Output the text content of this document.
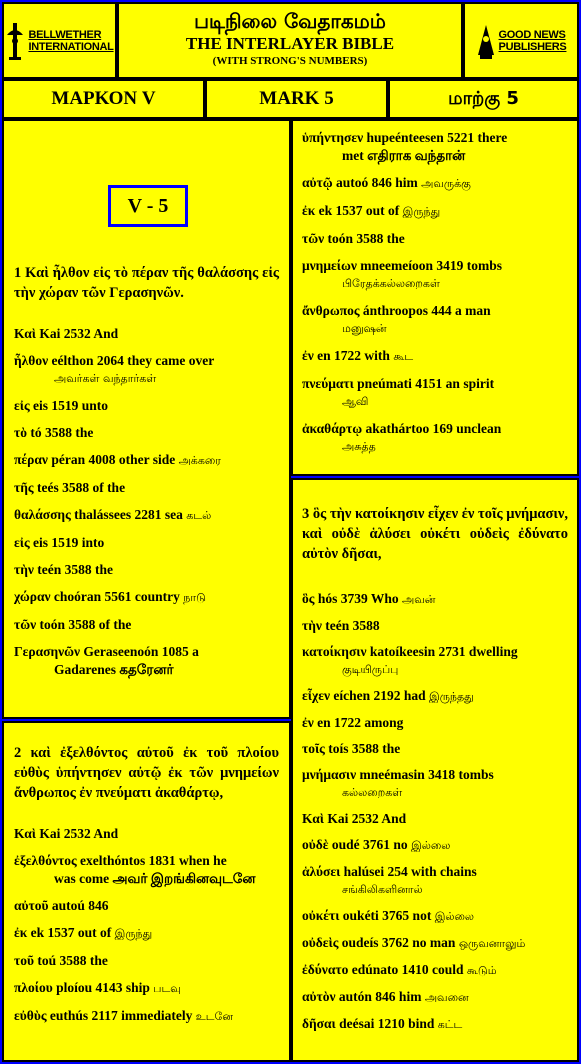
BELLWETHER
INTERNATIONAL
படிநிலை வேதாகமம்
THE INTERLAYER BIBLE
(WITH STRONG'S NUMBERS)
GOOD NEWS
PUBLISHERS
ΜΑΡΚΟΝ V	MARK 5	மாற்கு 5
V - 5
1 Καὶ ἦλθον εἰς τὸ πέραν τῆς θαλάσσης εἰς τὴν χώραν τῶν Γερασηνῶν.
Καὶ Kai 2532 And
ἦλθον eélthon 2064 they came over
அவர்கள் வந்தார்கள்
εἰς eis 1519 unto
τὸ tó 3588 the
πέραν péran 4008 other side அக்கரை
τῆς teés 3588 of the
θαλάσσης thalássees 2281 sea கடல்
εἰς eis 1519 into
τὴν teén 3588 the
χώραν choóran 5561 country நாடு
τῶν toón 3588 of the
Γερασηνῶν Geraseenoón 1085 a
Gadarenes கதரேனர்
2 καὶ ἐξελθόντος αὐτοῦ ἐκ τοῦ πλοίου εὐθὺς ὑπήντησεν αὐτῷ ἐκ τῶν μνημείων ἄνθρωπος ἐν πνεύματι ἀκαθάρτῳ,
Καὶ Kai 2532 And
ἐξελθόντος exelthóntos 1831 when he
was come அவர் இறங்கினவுடனே
αὐτοῦ autoú 846
ἐκ ek 1537 out of இருந்து
τοῦ toú 3588 the
πλοίου ploíou 4143 ship படவு
εὐθὺς euthús 2117 immediately உடனே
ὑπήντησεν hupeénteesen 5221 there
met எதிராக வந்தான்
αὐτῷ autoó 846 him அவருக்கு
ἐκ ek 1537 out of இருந்து
τῶν toón 3588 the
μνημείων mneemeíoon 3419 tombs
பிரேதக்கல்லறைகள்
ἄνθρωπος ánthroopos 444 a man
மனுஷன்
ἐν en 1722 with கூட
πνεύματι pneúmati 4151 an spirit
ஆவி
ἀκαθάρτῳ akathártoo 169 unclean
அசுத்த
3 ὃς τὴν κατοίκησιν εἶχεν ἐν τοῖς μνήμασιν, καὶ οὐδὲ ἁλύσει οὐκέτι οὐδεὶς ἐδύνατο αὐτὸν δῆσαι,
ὃς hós 3739 Who அவன்
τὴν teén 3588
κατοίκησιν katoíkeesin 2731 dwelling
குடியிருப்பு
εἶχεν eíchen 2192 had இருந்தது
ἐν en 1722 among
τοῖς toís 3588 the
μνήμασιν mneémasin 3418 tombs
கல்லறைகள்
Καὶ Kai 2532 And
οὐδὲ oudé 3761 no இல்லை
ἁλύσει halúsei 254 with chains
சங்கிலிகளினால்
οὐκέτι oukéti 3765 not இல்லை
οὐδεὶς oudeís 3762 no man ஒருவனாலும்
ἐδύνατο edúnato 1410 could கூடும்
αὐτὸν autón 846 him அவனை
δῆσαι deésai 1210 bind கட்ட
